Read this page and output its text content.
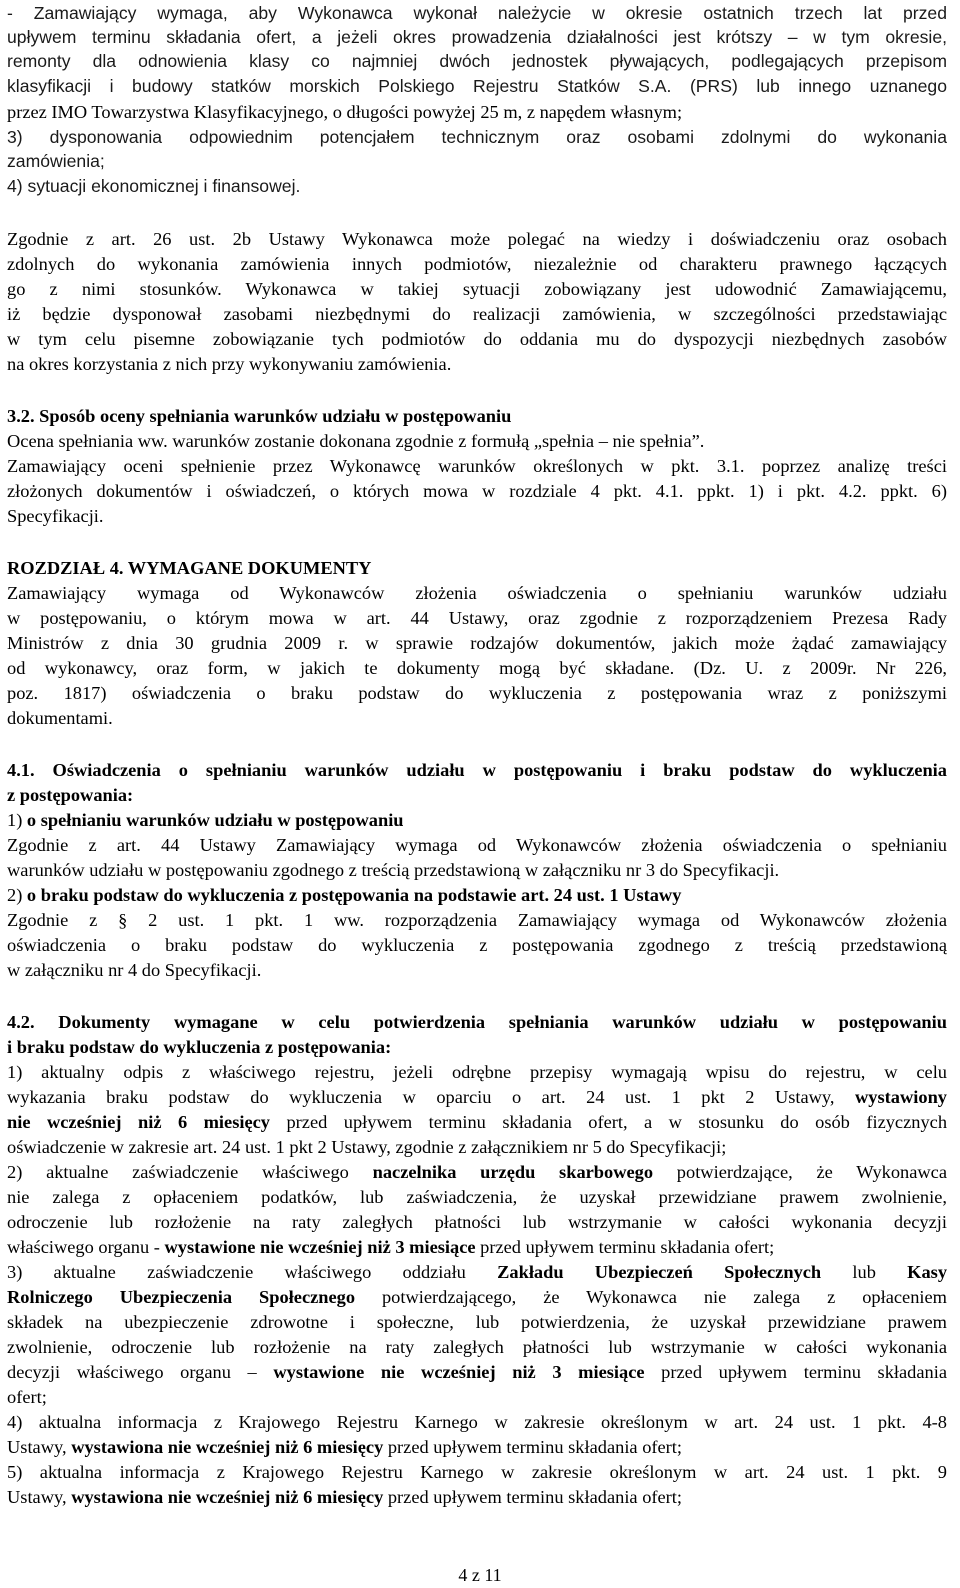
- Zamawiający wymaga, aby Wykonawca wykonał należycie w okresie ostatnich trzech lat przed
upływem terminu składania ofert, a jeżeli okres prowadzenia działalności jest krótszy – w tym okresie,
remonty dla odnowienia klasy co najmniej dwóch jednostek pływających, podlegających przepisom
klasyfikacji i budowy statków morskich Polskiego Rejestru Statków S.A. (PRS) lub innego uznanego
przez IMO Towarzystwa Klasyfikacyjnego, o długości powyżej 25 m, z napędem własnym;
3) dysponowania odpowiednim potencjałem technicznym oraz osobami zdolnymi do wykonania
zamówienia;
4) sytuacji ekonomicznej i finansowej.
Zgodnie z art. 26 ust. 2b Ustawy Wykonawca może polegać na wiedzy i doświadczeniu oraz osobach
zdolnych do wykonania zamówienia innych podmiotów, niezależnie od charakteru prawnego łączących
go z nimi stosunków. Wykonawca w takiej sytuacji zobowiązany jest udowodnić Zamawiającemu,
iż będzie dysponował zasobami niezbędnymi do realizacji zamówienia, w szczególności przedstawiając
w tym celu pisemne zobowiązanie tych podmiotów do oddania mu do dyspozycji niezbędnych zasobów
na okres korzystania z nich przy wykonywaniu zamówienia.
3.2. Sposób oceny spełniania warunków udziału w postępowaniu
Ocena spełniania ww. warunków zostanie dokonana zgodnie z formułą „spełnia – nie spełnia”.
Zamawiający oceni spełnienie przez Wykonawcę warunków określonych w pkt. 3.1. poprzez analizę treści
złożonych dokumentów i oświadczeń, o których mowa w rozdziale 4 pkt. 4.1. ppkt. 1) i pkt. 4.2. ppkt. 6)
Specyfikacji.
ROZDZIAŁ 4. WYMAGANE DOKUMENTY
Zamawiający wymaga od Wykonawców złożenia oświadczenia o spełnianiu warunków udziału
w postępowaniu, o którym mowa w art. 44 Ustawy, oraz zgodnie z rozporządzeniem Prezesa Rady
Ministrów z dnia 30 grudnia 2009 r. w sprawie rodzajów dokumentów, jakich może żądać zamawiający
od wykonawcy, oraz form, w jakich te dokumenty mogą być składane. (Dz. U. z 2009r. Nr 226,
poz. 1817) oświadczenia o braku podstaw do wykluczenia z postępowania wraz z poniższymi
dokumentami.
4.1. Oświadczenia o spełnianiu warunków udziału w postępowaniu i braku podstaw do wykluczenia
z postępowania:
1) o spełnianiu warunków udziału w postępowaniu
Zgodnie z art. 44 Ustawy Zamawiający wymaga od Wykonawców złożenia oświadczenia o spełnianiu
warunków udziału w postępowaniu zgodnego z treścią przedstawioną w załączniku nr 3 do Specyfikacji.
2) o braku podstaw do wykluczenia z postępowania na podstawie art. 24 ust. 1 Ustawy
Zgodnie z § 2 ust. 1 pkt. 1 ww. rozporządzenia Zamawiający wymaga od Wykonawców złożenia
oświadczenia o braku podstaw do wykluczenia z postępowania zgodnego z treścią przedstawioną
w załączniku nr 4 do Specyfikacji.
4.2. Dokumenty wymagane w celu potwierdzenia spełniania warunków udziału w postępowaniu
i braku podstaw do wykluczenia z postępowania:
1) aktualny odpis z właściwego rejestru, jeżeli odrębne przepisy wymagają wpisu do rejestru, w celu
wykazania braku podstaw do wykluczenia w oparciu o art. 24 ust. 1 pkt 2 Ustawy, wystawiony
nie wcześniej niż 6 miesięcy przed upływem terminu składania ofert, a w stosunku do osób fizycznych
oświadczenie w zakresie art. 24 ust. 1 pkt 2 Ustawy, zgodnie z załącznikiem nr 5 do Specyfikacji;
2) aktualne zaświadczenie właściwego naczelnika urzędu skarbowego potwierdzające, że Wykonawca
nie zalega z opłaceniem podatków, lub zaświadczenia, że uzyskał przewidziane prawem zwolnienie,
odroczenie lub rozłożenie na raty zaległych płatności lub wstrzymanie w całości wykonania decyzji
właściwego organu - wystawione nie wcześniej niż 3 miesiące przed upływem terminu składania ofert;
3) aktualne zaświadczenie właściwego oddziału Zakładu Ubezpieczeń Społecznych lub Kasy
Rolniczego Ubezpieczenia Społecznego potwierdzającego, że Wykonawca nie zalega z opłaceniem
składek na ubezpieczenie zdrowotne i społeczne, lub potwierdzenia, że uzyskał przewidziane prawem
zwolnienie, odroczenie lub rozłożenie na raty zaległych płatności lub wstrzymanie w całości wykonania
decyzji właściwego organu – wystawione nie wcześniej niż 3 miesiące przed upływem terminu składania
ofert;
4) aktualna informacja z Krajowego Rejestru Karnego w zakresie określonym w art. 24 ust. 1 pkt. 4-8
Ustawy, wystawiona nie wcześniej niż 6 miesięcy przed upływem terminu składania ofert;
5) aktualna informacja z Krajowego Rejestru Karnego w zakresie określonym w art. 24 ust. 1 pkt. 9
Ustawy, wystawiona nie wcześniej niż 6 miesięcy przed upływem terminu składania ofert;
4 z 11
